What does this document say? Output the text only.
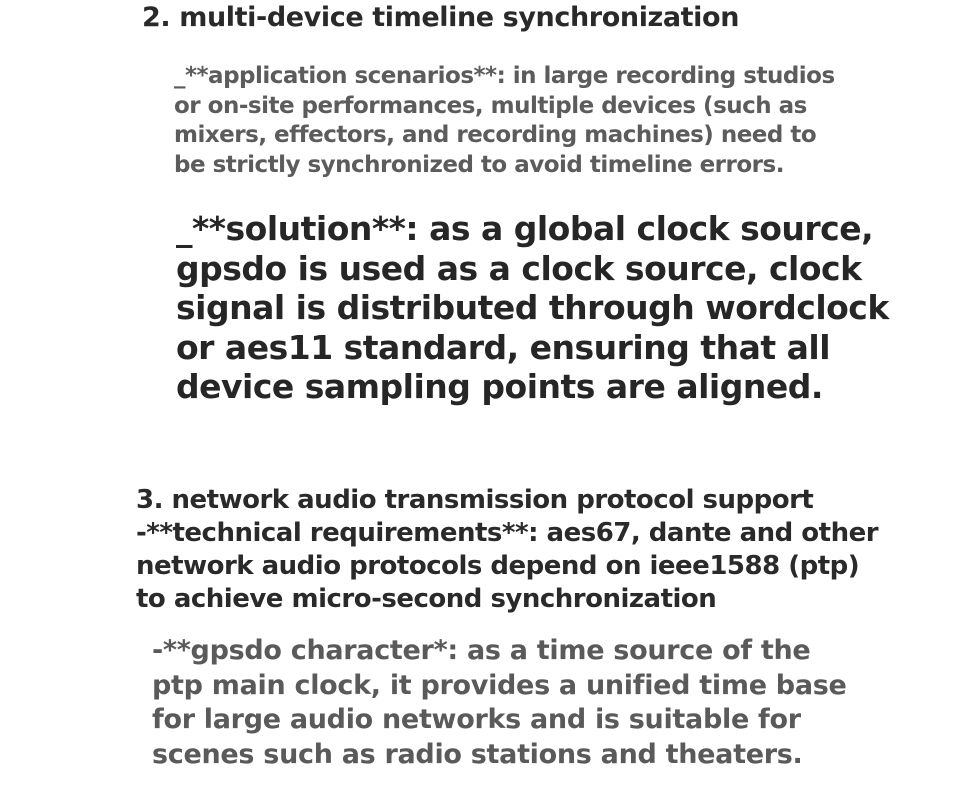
2. multi-device timeline synchronization

_**application scenarios**: in large recording studios
or on-site performances, multiple devices (such as
mixers, effectors, and recording machines) need to
be strictly synchronized to avoid timeline errors.

_**solution**: as a global clock source,
gpsdo is used as a clock source, clock
signal is distributed through wordclock
or aes11 standard, ensuring that all
device sampling points are aligned.

3. network audio transmission protocol support
-**technical requirements**: aes67, dante and other
network audio protocols depend on ieee1588 (ptp)
to achieve micro-second synchronization

-**gpsdo character*: as a time source of the
ptp main clock, it provides a unified time base
for large audio networks and is suitable for
scenes such as radio stations and theaters.
